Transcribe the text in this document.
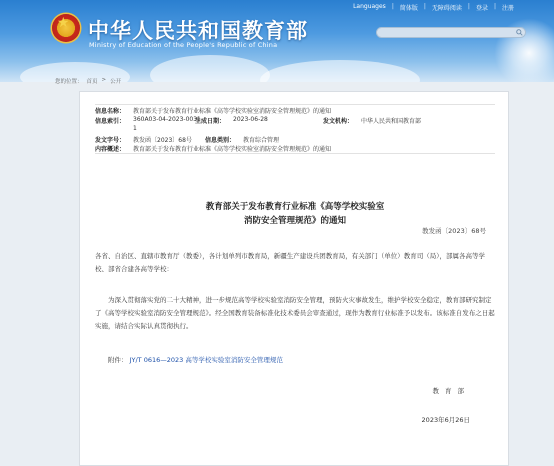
Languages | 简体版 | 无障碍阅读 | 登录 | 注册
★ 中华人民共和国教育部
Ministry of Education of the People's Republic of China
您的位置： 首页 > 公开
信息名称： 教育部关于发布教育行业标准《高等学校实验室消防安全管理规范》的通知
信息索引： 360A03-04-2023-0031-
生成日期： 2023-06-28	发文机构： 中华人民共和国教育部
1
发文字号： 教发函〔2023〕68号 信息类别： 教育综合管理
内容概述： 教育部关于发布教育行业标准《高等学校实验室消防安全管理规范》的通知
教育部关于发布教育行业标准《高等学校实验室
消防安全管理规范》的通知
教发函〔2023〕68号
各省、自治区、直辖市教育厅（教委），各计划单列市教育局，新疆生产建设兵团教育局，有关部门（单位）教育司（局），部属各高等学校、部省合建各高等学校：
为深入贯彻落实党的二十大精神，进一步规范高等学校实验室消防安全管理，预防火灾事故发生，维护学校安全稳定，教育部研究制定了《高等学校实验室消防安全管理规范》。经全国教育装备标准化技术委员会审查通过，现作为教育行业标准予以发布。该标准自发布之日起实施，请结合实际认真贯彻执行。
附件： JY/T 0616—2023 高等学校实验室消防安全管理规范
教育部
2023年6月26日
